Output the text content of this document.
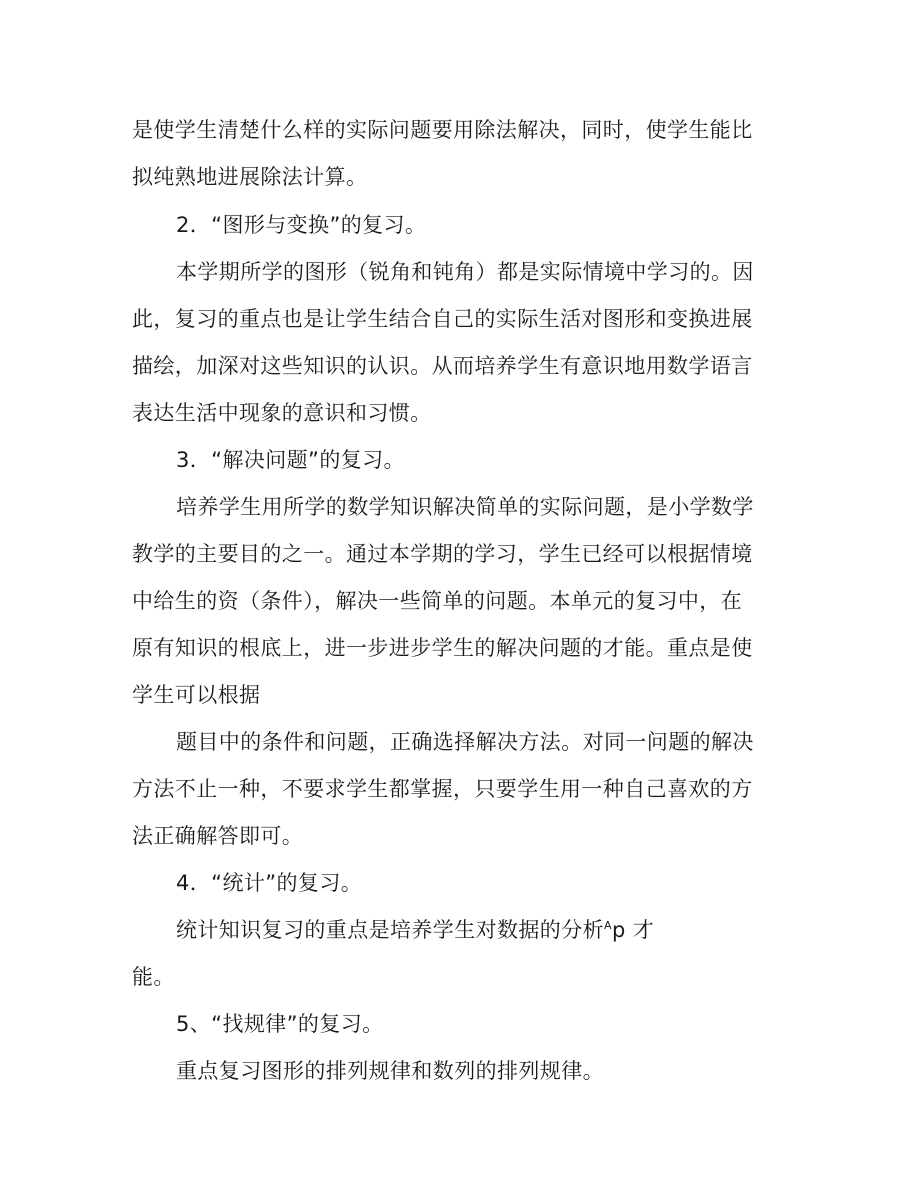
是使学生清楚什么样的实际问题要用除法解决，同时，使学生能比
拟纯熟地进展除法计算。
2．“图形与变换”的复习。
本学期所学的图形（锐角和钝角）都是实际情境中学习的。因
此，复习的重点也是让学生结合自己的实际生活对图形和变换进展
描绘，加深对这些知识的认识。从而培养学生有意识地用数学语言
表达生活中现象的意识和习惯。
3．“解决问题”的复习。
培养学生用所学的数学知识解决简单的实际问题，是小学数学
教学的主要目的之一。通过本学期的学习，学生已经可以根据情境
中给生的资（条件），解决一些简单的问题。本单元的复习中，在
原有知识的根底上，进一步进步学生的解决问题的才能。重点是使
学生可以根据
题目中的条件和问题，正确选择解决方法。对同一问题的解决
方法不止一种，不要求学生都掌握，只要学生用一种自己喜欢的方
法正确解答即可。
4．“统计”的复习。
统计知识复习的重点是培养学生对数据的分析$^A$p 才
能。
5、“找规律”的复习。
重点复习图形的排列规律和数列的排列规律。
